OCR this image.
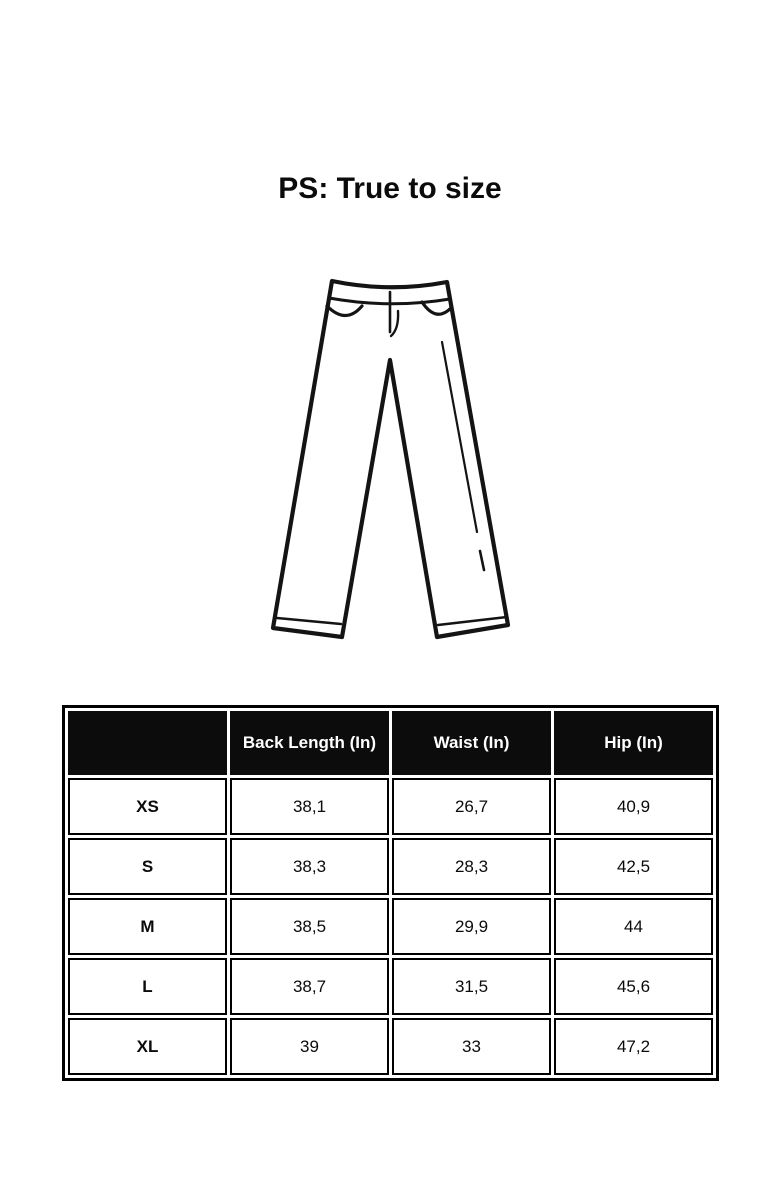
PS: True to size
	Back Length (In)	Waist (In)	Hip (In)
XS	38,1	26,7	40,9
S	38,3	28,3	42,5
M	38,5	29,9	44
L	38,7	31,5	45,6
XL	39	33	47,2
